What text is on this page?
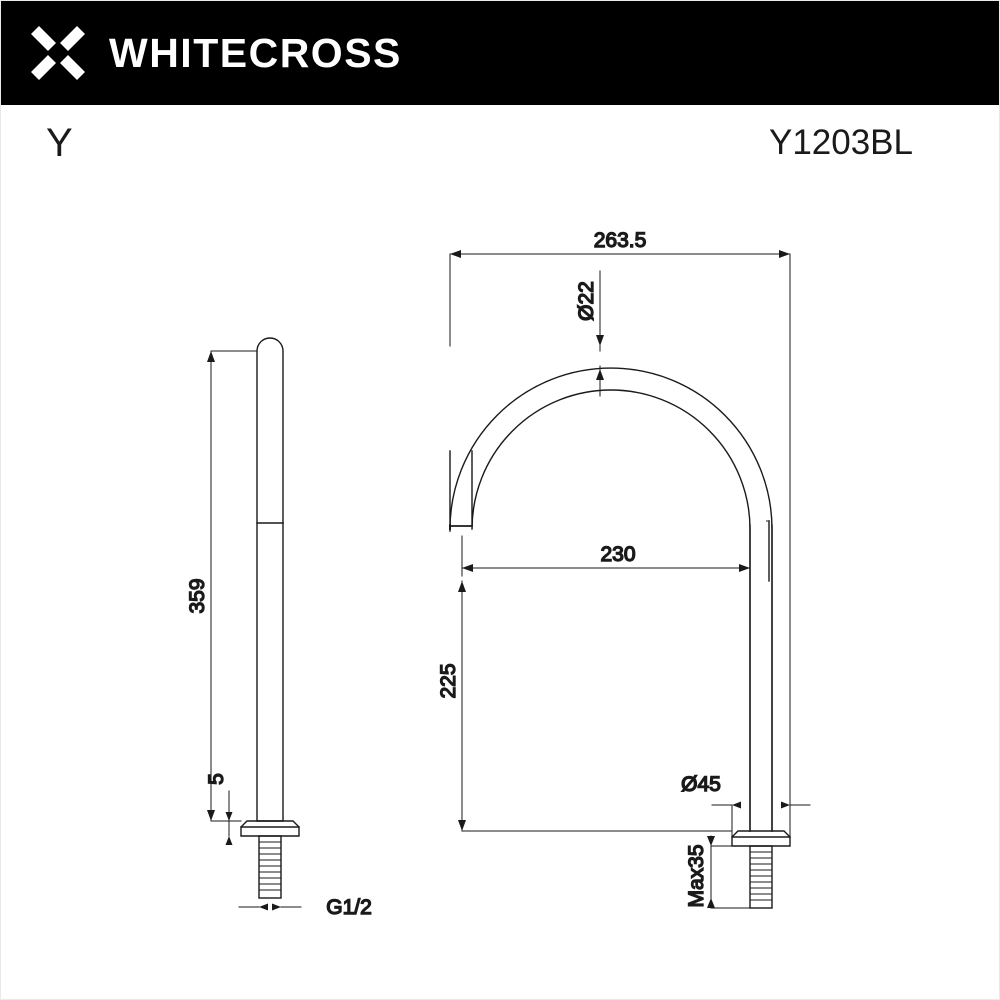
WHITECROSS
Y	Y1203BL
359
5
G1/2
263.5
Ø22
230
225
Ø45
Max35
